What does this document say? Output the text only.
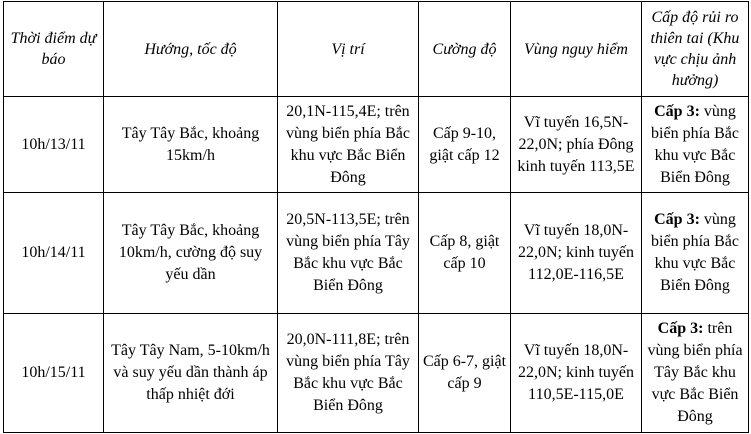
Thời điểm dự báo	Hướng, tốc độ	Vị trí	Cường độ	Vùng nguy hiểm	Cấp độ rủi ro thiên tai (Khu vực chịu ảnh hưởng)
10h/13/11	Tây Tây Bắc, khoảng 15km/h	20,1N-115,4E; trên vùng biển phía Bắc khu vực Bắc Biển Đông	Cấp 9-10, giật cấp 12	Vĩ tuyến 16,5N-22,0N; phía Đông kinh tuyến 113,5E	Cấp 3: vùng biển phía Bắc khu vực Bắc Biển Đông
10h/14/11	Tây Tây Bắc, khoảng 10km/h, cường độ suy yếu dần	20,5N-113,5E; trên vùng biển phía Tây Bắc khu vực Bắc Biển Đông	Cấp 8, giật cấp 10	Vĩ tuyến 18,0N-22,0N; kinh tuyến 112,0E-116,5E	Cấp 3: vùng biển phía Bắc khu vực Bắc Biển Đông
10h/15/11	Tây Tây Nam, 5-10km/h và suy yếu dần thành áp thấp nhiệt đới	20,0N-111,8E; trên vùng biển phía Tây Bắc khu vực Bắc Biển Đông	Cấp 6-7, giật cấp 9	Vĩ tuyến 18,0N-22,0N; kinh tuyến 110,5E-115,0E	Cấp 3: trên vùng biển phía Tây Bắc khu vực Bắc Biển Đông
